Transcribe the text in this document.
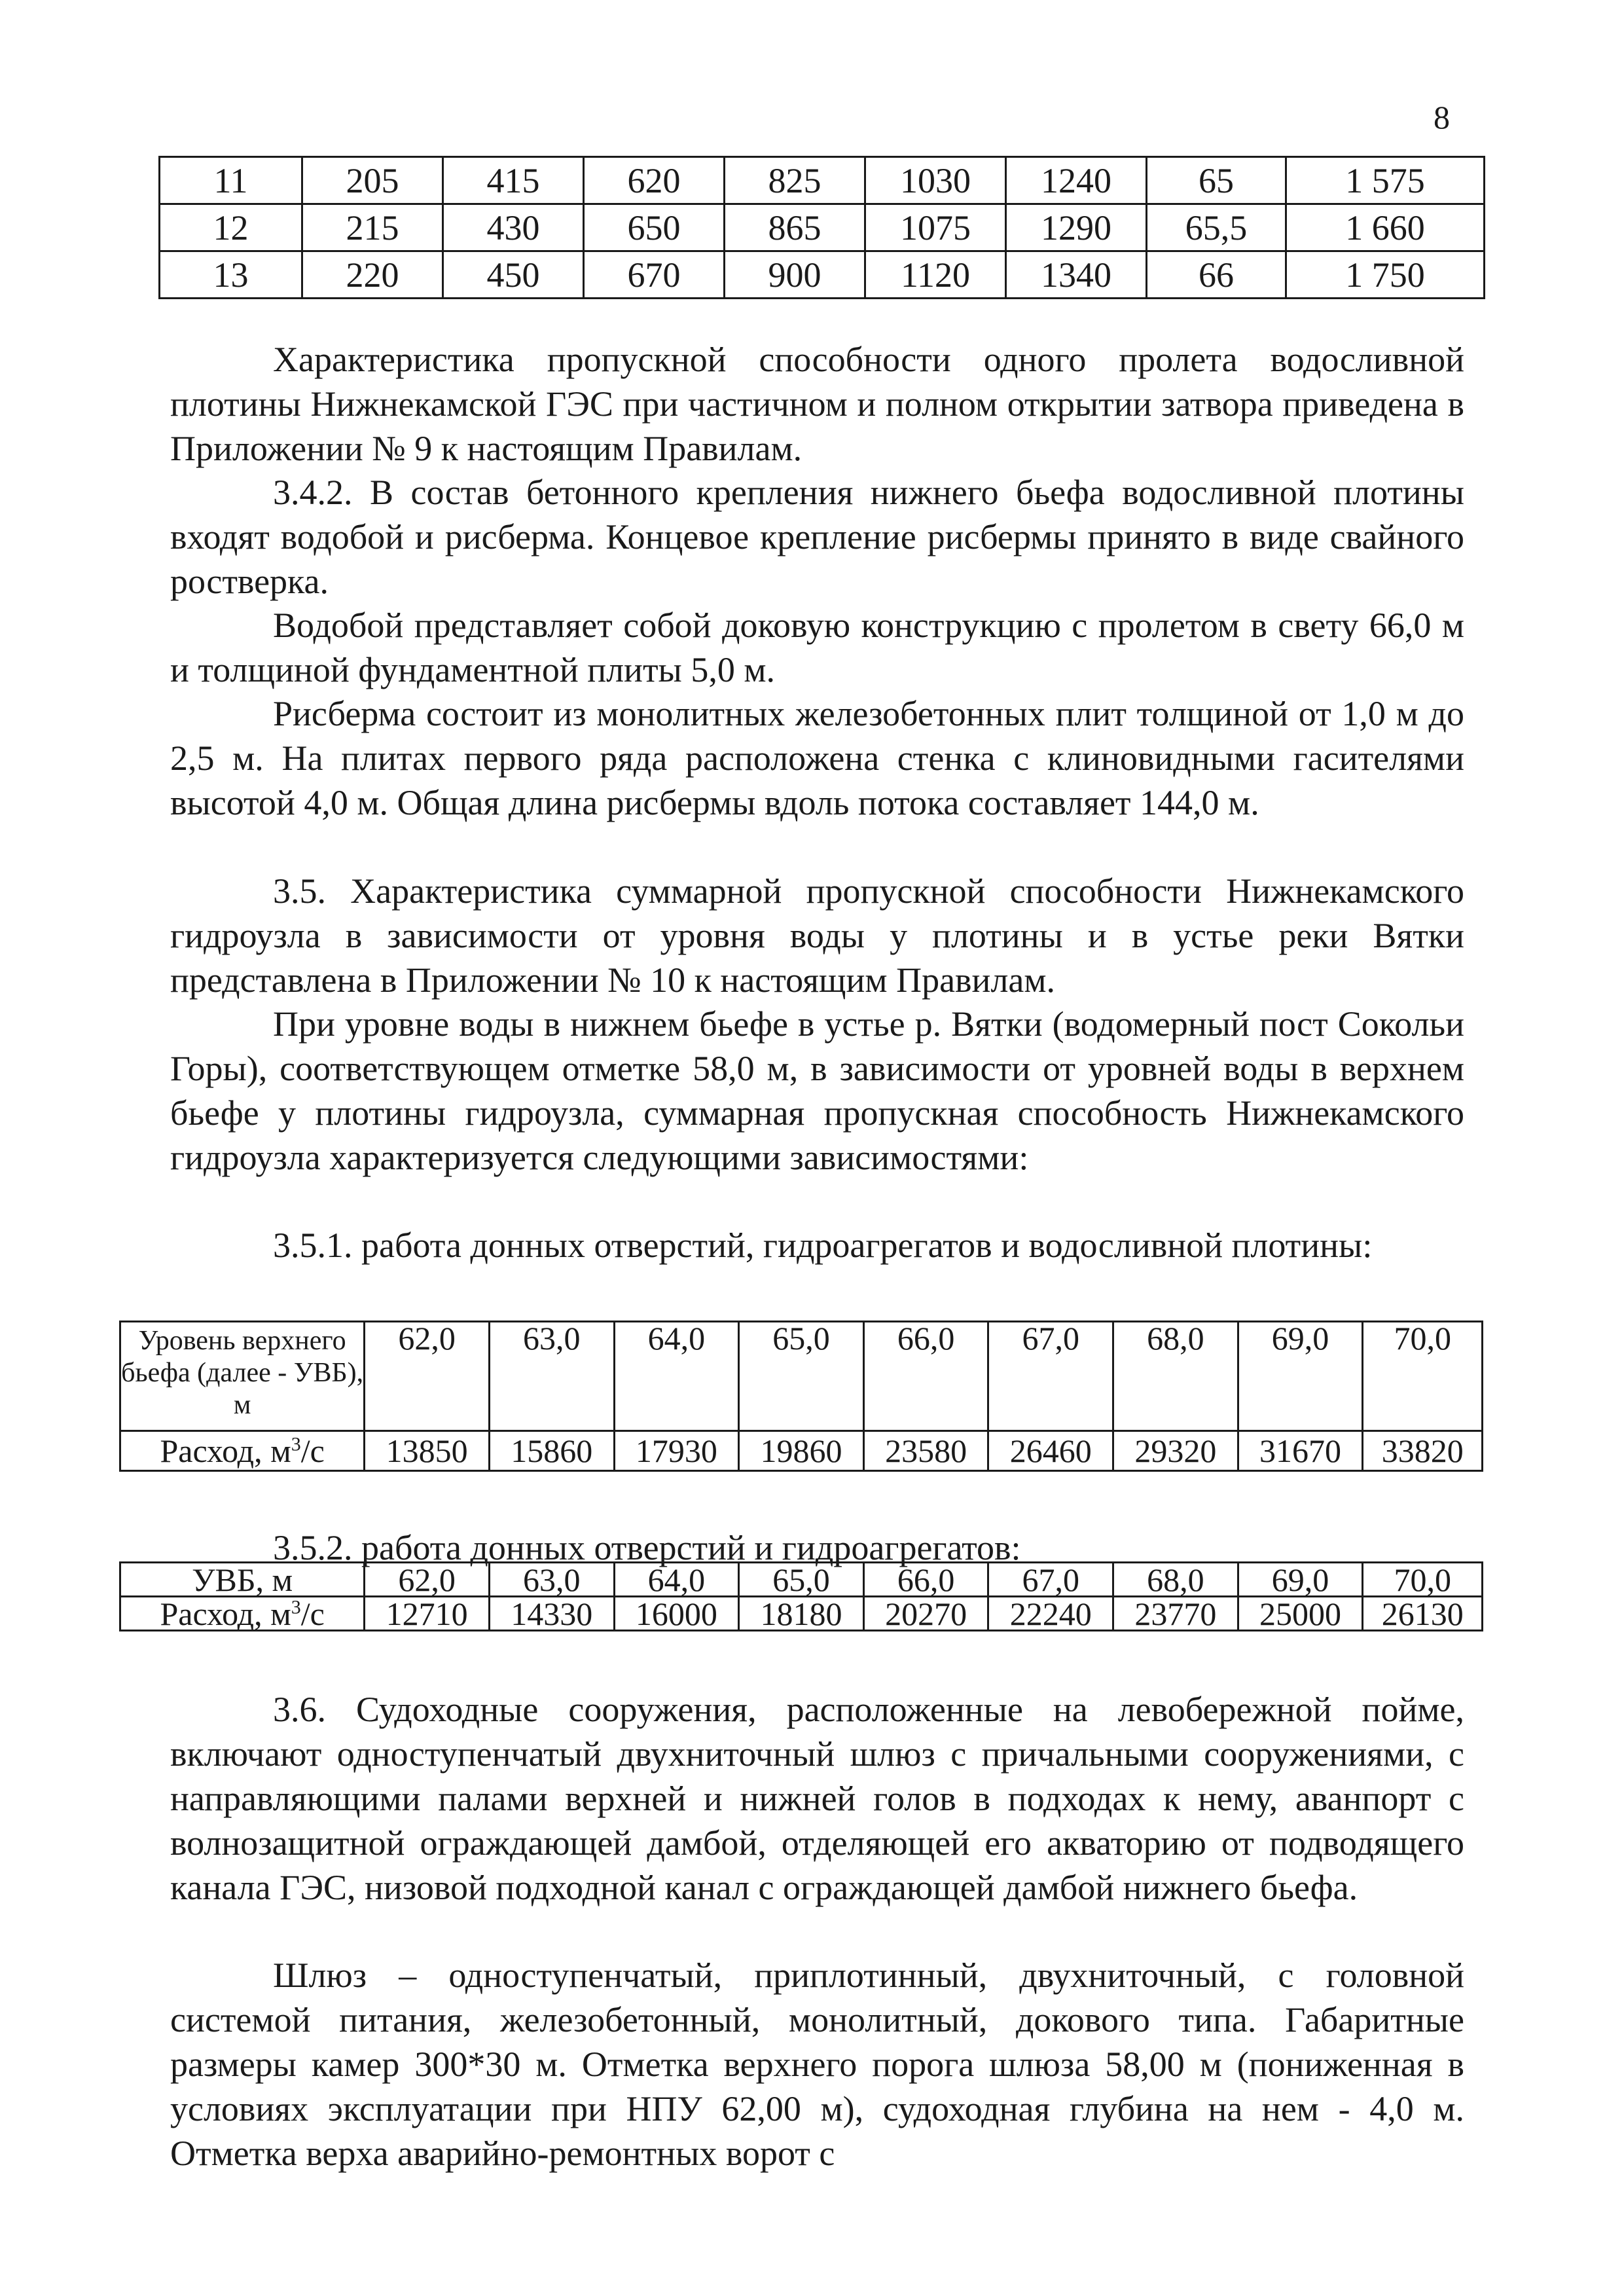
8
11	205	415	620	825	1030	1240	65	1 575
12	215	430	650	865	1075	1290	65,5	1 660
13	220	450	670	900	1120	1340	66	1 750

Характеристика пропускной способности одного пролета водосливной плотины Нижнекамской ГЭС при частичном и полном открытии затвора приведена в Приложении № 9 к настоящим Правилам.

3.4.2. В состав бетонного крепления нижнего бьефа водосливной плотины входят водобой и рисберма. Концевое крепление рисбермы принято в виде свайного ростверка.

Водобой представляет собой доковую конструкцию с пролетом в свету 66,0 м и толщиной фундаментной плиты 5,0 м.

Рисберма состоит из монолитных железобетонных плит толщиной от 1,0 м до 2,5 м. На плитах первого ряда расположена стенка с клиновидными гасителями высотой 4,0 м. Общая длина рисбермы вдоль потока составляет 144,0 м.

3.5. Характеристика суммарной пропускной способности Нижнекамского гидроузла в зависимости от уровня воды у плотины и в устье реки Вятки представлена в Приложении № 10 к настоящим Правилам.

При уровне воды в нижнем бьефе в устье р. Вятки (водомерный пост Сокольи Горы), соответствующем отметке 58,0 м, в зависимости от уровней воды в верхнем бьефе у плотины гидроузла, суммарная пропускная способность Нижнекамского гидроузла характеризуется следующими зависимостями:

3.5.1. работа донных отверстий, гидроагрегатов и водосливной плотины:

Уровень верхнего бьефа (далее - УВБ), м	62,0	63,0	64,0	65,0	66,0	67,0	68,0	69,0	70,0
Расход, $м^3/с$	13850	15860	17930	19860	23580	26460	29320	31670	33820

3.5.2. работа донных отверстий и гидроагрегатов:

УВБ, м	62,0	63,0	64,0	65,0	66,0	67,0	68,0	69,0	70,0
Расход, $м^3/с$	12710	14330	16000	18180	20270	22240	23770	25000	26130

3.6. Судоходные сооружения, расположенные на левобережной пойме, включают одноступенчатый двухниточный шлюз с причальными сооружениями, с направляющими палами верхней и нижней голов в подходах к нему, аванпорт с волнозащитной ограждающей дамбой, отделяющей его акваторию от подводящего канала ГЭС, низовой подходной канал с ограждающей дамбой нижнего бьефа.

Шлюз – одноступенчатый, приплотинный, двухниточный, с головной системой питания, железобетонный, монолитный, докового типа. Габаритные размеры камер 300*30 м. Отметка верхнего порога шлюза 58,00 м (пониженная в условиях эксплуатации при НПУ 62,00 м), судоходная глубина на нем - 4,0 м. Отметка верха аварийно-ремонтных ворот с
